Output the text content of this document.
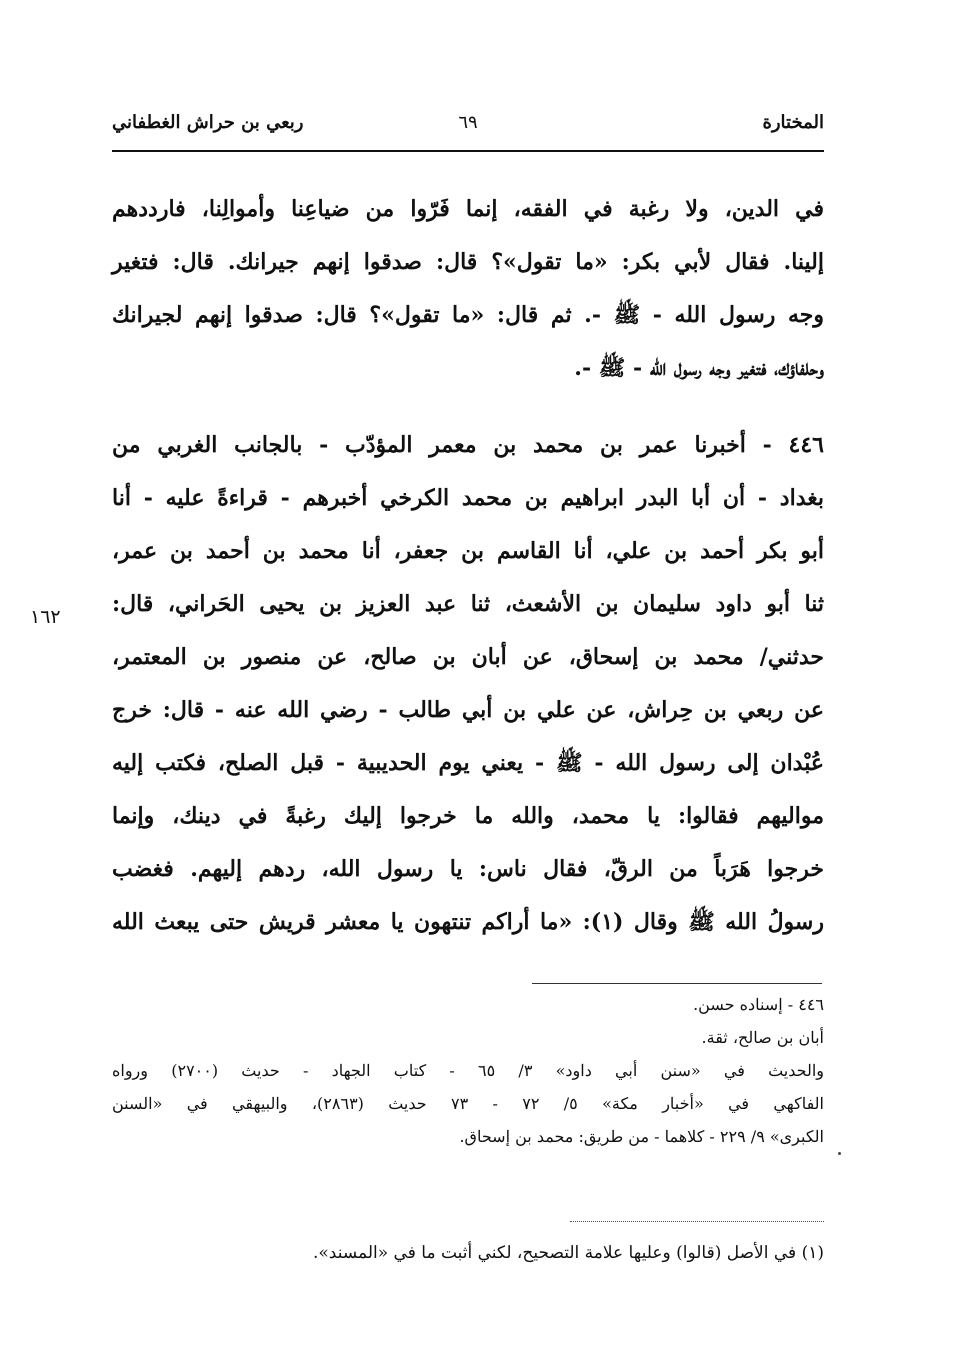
المختارة
٦٩
ربعي بن حراش الغطفاني
في الدين، ولا رغبة في الفقه، إنما فَرّوا من ضياعِنا وأموالِنا، فارددهم
إلينا. فقال لأبي بكر: «ما تقول»؟ قال: صدقوا إنهم جيرانك. قال: فتغير
وجه رسول الله - ﷺ -. ثم قال: «ما تقول»؟ قال: صدقوا إنهم لجيرانك
وحلفاؤك، فتغير وجه رسول الله - ﷺ -.
٤٤٦ - أخبرنا عمر بن محمد بن معمر المؤدّب - بالجانب الغربي من
بغداد - أن أبا البدر ابراهيم بن محمد الكرخي أخبرهم - قراءةً عليه - أنا
أبو بكر أحمد بن علي، أنا القاسم بن جعفر، أنا محمد بن أحمد بن عمر،
ثنا أبو داود سليمان بن الأشعث، ثنا عبد العزيز بن يحيى الحَراني، قال:
حدثني/ محمد بن إسحاق، عن أبان بن صالح، عن منصور بن المعتمر،
عن ربعي بن حِراش، عن علي بن أبي طالب - رضي الله عنه - قال: خرج
عُبْدان إلى رسول الله - ﷺ - يعني يوم الحديبية - قبل الصلح، فكتب إليه
مواليهم فقالوا: يا محمد، والله ما خرجوا إليك رغبةً في دينك، وإنما
خرجوا هَرَباً من الرقّ، فقال ناس: يا رسول الله، ردهم إليهم. فغضب
رسولُ الله ﷺ وقال (١): «ما أراكم تنتهون يا معشر قريش حتى يبعث الله
١٦٢
٤٤٦ - إسناده حسن.
أبان بن صالح، ثقة.
والحديث في «سنن أبي داود» ٣/ ٦٥ - كتاب الجهاد - حديث (٢٧٠٠) ورواه
الفاكهي في «أخبار مكة» ٥/ ٧٢ - ٧٣ حديث (٢٨٦٣)، والبيهقي في «السنن
الكبرى» ٩/ ٢٢٩ - كلاهما - من طريق: محمد بن إسحاق.
(١) في الأصل (قالوا) وعليها علامة التصحيح، لكني أثبت ما في «المسند».
